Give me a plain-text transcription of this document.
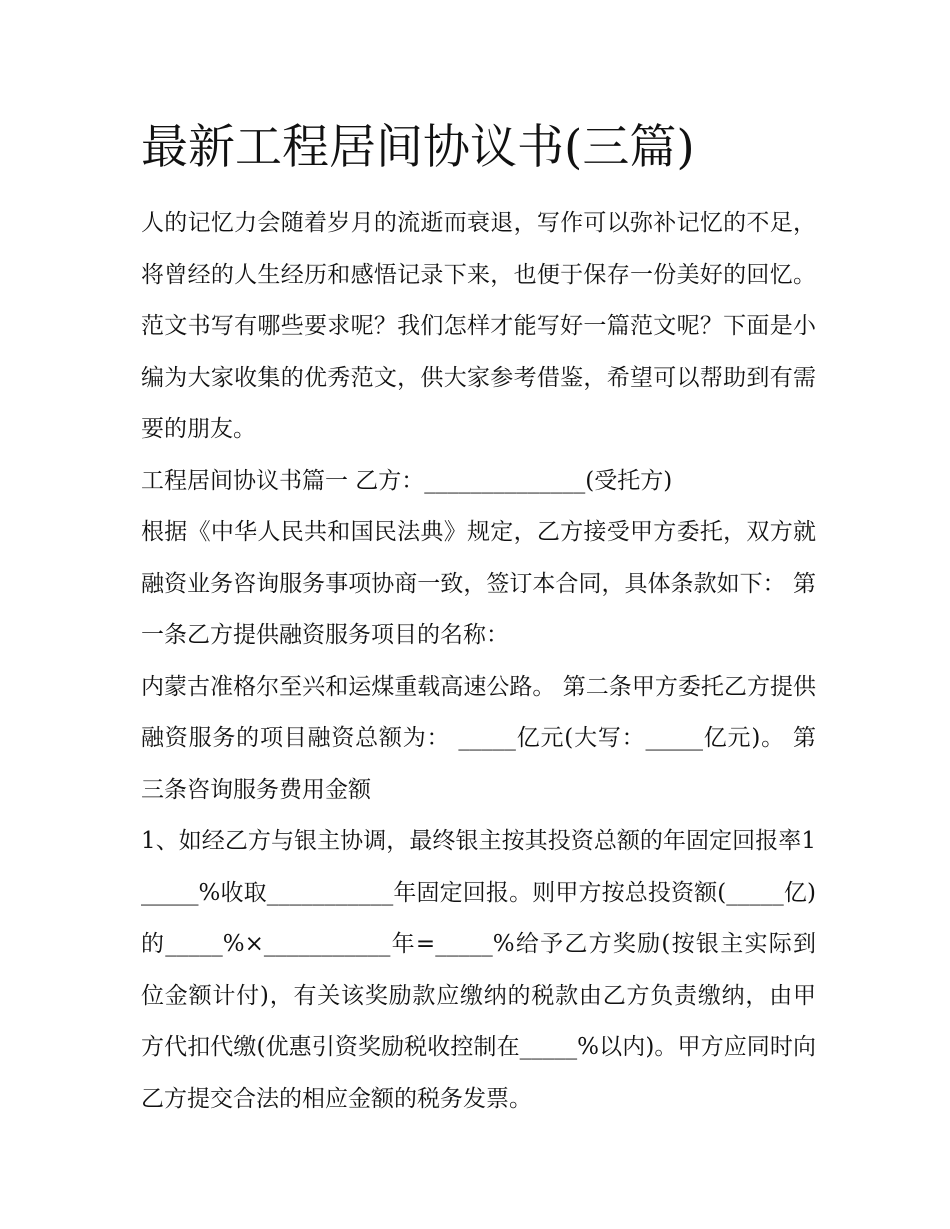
最新工程居间协议书(三篇)

人的记忆力会随着岁月的流逝而衰退，写作可以弥补记忆的不足，将曾经的人生经历和感悟记录下来，也便于保存一份美好的回忆。范文书写有哪些要求呢？我们怎样才能写好一篇范文呢？下面是小编为大家收集的优秀范文，供大家参考借鉴，希望可以帮助到有需要的朋友。

工程居间协议书篇一 乙方：______________(受托方)

根据《中华人民共和国民法典》规定，乙方接受甲方委托，双方就融资业务咨询服务事项协商一致，签订本合同，具体条款如下： 第一条乙方提供融资服务项目的名称：

内蒙古准格尔至兴和运煤重载高速公路。 第二条甲方委托乙方提供融资服务的项目融资总额为： _____亿元(大写：_____亿元)。 第三条咨询服务费用金额

1、如经乙方与银主协调，最终银主按其投资总额的年固定回报率1_____%收取___________年固定回报。则甲方按总投资额(_____亿)的_____%×___________年=_____%给予乙方奖励(按银主实际到位金额计付)，有关该奖励款应缴纳的税款由乙方负责缴纳，由甲方代扣代缴(优惠引资奖励税收控制在_____%以内)。甲方应同时向乙方提交合法的相应金额的税务发票。
